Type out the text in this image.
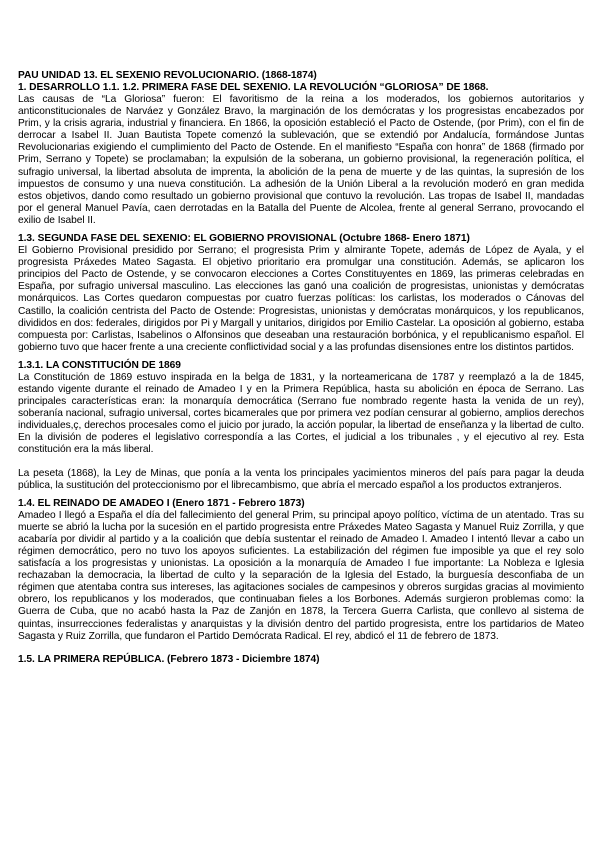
PAU UNIDAD 13. EL SEXENIO REVOLUCIONARIO. (1868-1874)

1. DESARROLLO 1.1. 1.2. PRIMERA FASE DEL SEXENIO. LA REVOLUCIÓN “GLORIOSA” DE 1868.

Las causas de “La Gloriosa” fueron: El favoritismo de la reina a los moderados, los gobiernos autoritarios y anticonstitucionales de Narváez y González Bravo, la marginación de los demócratas y los progresistas encabezados por Prim, y la crisis agraria, industrial y financiera. En 1866, la oposición estableció el Pacto de Ostende, (por Prim), con el fin de derrocar a Isabel II. Juan Bautista Topete comenzó la sublevación, que se extendió por Andalucía, formándose Juntas Revolucionarias exigiendo el cumplimiento del Pacto de Ostende. En el manifiesto “España con honra” de 1868 (firmado por Prim, Serrano y Topete) se proclamaban; la expulsión de la soberana, un gobierno provisional, la regeneración política, el sufragio universal, la libertad absoluta de imprenta, la abolición de la pena de muerte y de las quintas, la supresión de los impuestos de consumo y una nueva constitución. La adhesión de la Unión Liberal a la revolución moderó en gran medida estos objetivos, dando como resultado un gobierno provisional que contuvo la revolución. Las tropas de Isabel II, mandadas por el general Manuel Pavía, caen derrotadas en la Batalla del Puente de Alcolea, frente al general Serrano, provocando el exilio de Isabel II.

1.3. SEGUNDA FASE DEL SEXENIO: EL GOBIERNO PROVISIONAL (Octubre 1868- Enero 1871)

El Gobierno Provisional presidido por Serrano; el progresista Prim y almirante Topete, además de López de Ayala, y el progresista Práxedes Mateo Sagasta. El objetivo prioritario era promulgar una constitución. Además, se aplicaron los principios del Pacto de Ostende, y se convocaron elecciones a Cortes Constituyentes en 1869, las primeras celebradas en España, por sufragio universal masculino. Las elecciones las ganó una coalición de progresistas, unionistas y demócratas monárquicos. Las Cortes quedaron compuestas por cuatro fuerzas políticas: los carlistas, los moderados o Cánovas del Castillo, la coalición centrista del Pacto de Ostende: Progresistas, unionistas y demócratas monárquicos, y los republicanos, divididos en dos: federales, dirigidos por Pi y Margall y unitarios, dirigidos por Emilio Castelar. La oposición al gobierno, estaba compuesta por: Carlistas, Isabelinos o Alfonsinos que deseaban una restauración borbónica, y el republicanismo español. El gobierno tuvo que hacer frente a una creciente conflictividad social y a las profundas disensiones entre los distintos partidos.

1.3.1. LA CONSTITUCIÓN DE 1869

La Constitución de 1869 estuvo inspirada en la belga de 1831, y la norteamericana de 1787 y reemplazó a la de 1845, estando vigente durante el reinado de Amadeo I y en la Primera República, hasta su abolición en época de Serrano. Las principales características eran: la monarquía democrática (Serrano fue nombrado regente hasta la venida de un rey), soberanía nacional, sufragio universal, cortes bicamerales que por primera vez podían censurar al gobierno, amplios derechos individuales,ç, derechos procesales como el juicio por jurado, la acción popular, la libertad de enseñanza y la libertad de culto. En la división de poderes el legislativo correspondía a las Cortes, el judicial a los tribunales , y el ejecutivo al rey. Esta constitución era la más liberal.

La peseta (1868), la Ley de Minas, que ponía a la venta los principales yacimientos mineros del país para pagar la deuda pública, la sustitución del proteccionismo por el librecambismo, que abría el mercado español a los productos extranjeros.

1.4. EL REINADO DE AMADEO I (Enero 1871 - Febrero 1873)

Amadeo I llegó a España el día del fallecimiento del general Prim, su principal apoyo político, víctima de un atentado. Tras su muerte se abrió la lucha por la sucesión en el partido progresista entre Práxedes Mateo Sagasta y Manuel Ruiz Zorrilla, y que acabaría por dividir al partido y a la coalición que debía sustentar el reinado de Amadeo I. Amadeo I intentó llevar a cabo un régimen democrático, pero no tuvo los apoyos suficientes. La estabilización del régimen fue imposible ya que el rey solo satisfacía a los progresistas y unionistas. La oposición a la monarquía de Amadeo I fue importante: La Nobleza e Iglesia rechazaban la democracia, la libertad de culto y la separación de la Iglesia del Estado, la burguesía desconfiaba de un régimen que atentaba contra sus intereses, las agitaciones sociales de campesinos y obreros surgidas gracias al movimiento obrero, los republicanos y los moderados, que continuaban fieles a los Borbones. Además surgieron problemas como: la Guerra de Cuba, que no acabó hasta la Paz de Zanjón en 1878, la Tercera Guerra Carlista, que conllevo al sistema de quintas, insurrecciones federalistas y anarquistas y la división dentro del partido progresista, entre los partidarios de Mateo Sagasta y Ruiz Zorrilla, que fundaron el Partido Demócrata Radical. El rey, abdicó el 11 de febrero de 1873.

1.5. LA PRIMERA REPÚBLICA. (Febrero 1873 - Diciembre 1874)
